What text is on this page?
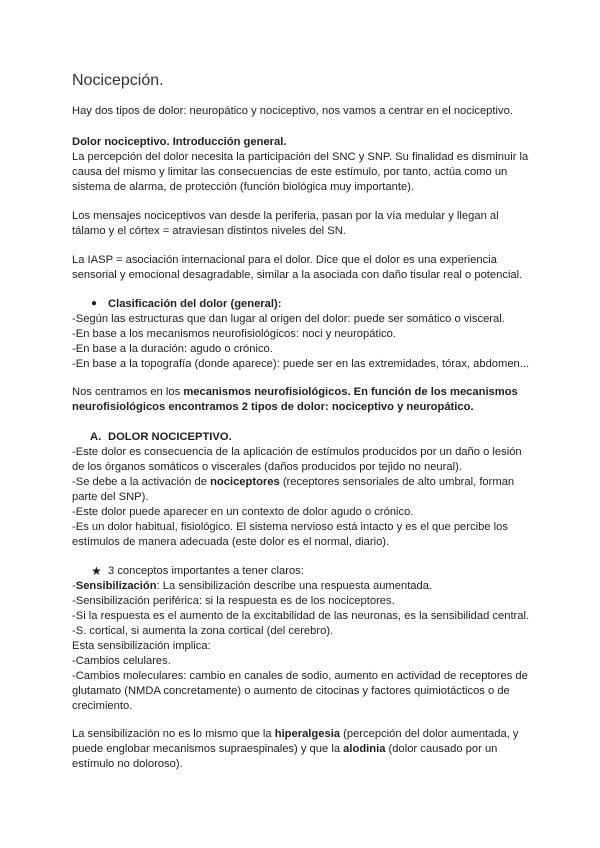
Nocicepción.
Hay dos tipos de dolor: neuropático y nociceptivo, nos vamos a centrar en el nociceptivo.
Dolor nociceptivo. Introducción general.
La percepción del dolor necesita la participación del SNC y SNP. Su finalidad es disminuir la
causa del mismo y limitar las consecuencias de este estímulo, por tanto, actúa como un
sistema de alarma, de protección (función biológica muy importante).
Los mensajes nociceptivos van desde la periferia, pasan por la vía medular y llegan al
tálamo y el córtex = atraviesan distintos niveles del SN.
La IASP = asociación internacional para el dolor. Dice que el dolor es una experiencia
sensorial y emocional desagradable, similar a la asociada con daño tisular real o potencial.
● Clasificación del dolor (general):
-Según las estructuras que dan lugar al origen del dolor: puede ser somático o visceral.
-En base a los mecanismos neurofisiológicos: noci y neuropático.
-En base a la duración: agudo o crónico.
-En base a la topografía (donde aparece): puede ser en las extremidades, tórax, abdomen...
Nos centramos en los mecanismos neurofisiológicos. En función de los mecanismos
neurofisiológicos encontramos 2 tipos de dolor: nociceptivo y neuropático.
A. DOLOR NOCICEPTIVO.
-Este dolor es consecuencia de la aplicación de estímulos producidos por un daño o lesión
de los órganos somáticos o viscerales (daños producidos por tejido no neural).
-Se debe a la activación de nociceptores (receptores sensoriales de alto umbral, forman
parte del SNP).
-Este dolor puede aparecer en un contexto de dolor agudo o crónico.
-Es un dolor habitual, fisiológico. El sistema nervioso está intacto y es el que percibe los
estímulos de manera adecuada (este dolor es el normal, diario).
★ 3 conceptos importantes a tener claros:
-Sensibilización: La sensibilización describe una respuesta aumentada.
-Sensibilización periférica: si la respuesta es de los nociceptores.
-Si la respuesta es el aumento de la excitabilidad de las neuronas, es la sensibilidad central.
-S. cortical, si aumenta la zona cortical (del cerebro).
Esta sensibilización implica:
-Cambios celulares.
-Cambios moleculares: cambio en canales de sodio, aumento en actividad de receptores de
glutamato (NMDA concretamente) o aumento de citocinas y factores quimiotácticos o de
crecimiento.
La sensibilización no es lo mismo que la hiperalgesia (percepción del dolor aumentada, y
puede englobar mecanismos supraespinales) y que la alodinia (dolor causado por un
estímulo no doloroso).
